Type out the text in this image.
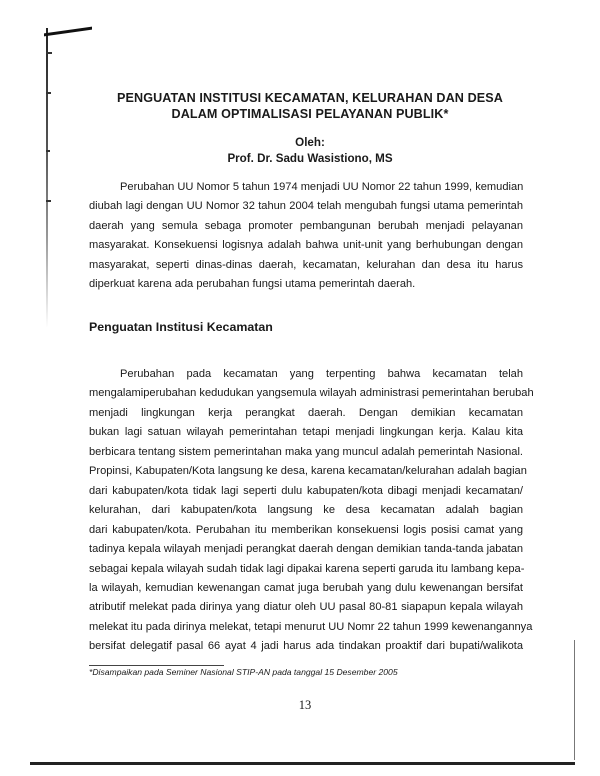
PENGUATAN INSTITUSI KECAMATAN, KELURAHAN DAN DESA
DALAM OPTIMALISASI PELAYANAN PUBLIK*
Oleh:
Prof. Dr. Sadu Wasistiono, MS

Perubahan UU Nomor 5 tahun 1974 menjadi UU Nomor 22 tahun 1999, kemudian
diubah lagi dengan UU Nomor 32 tahun 2004 telah mengubah fungsi utama pemerintah
daerah yang semula sebaga promoter pembangunan berubah menjadi pelayanan
masyarakat. Konsekuensi logisnya adalah bahwa unit-unit yang berhubungan dengan
masyarakat, seperti dinas-dinas daerah, kecamatan, kelurahan dan desa itu harus
diperkuat karena ada perubahan fungsi utama pemerintah daerah.

Penguatan Institusi Kecamatan

Perubahan pada kecamatan yang terpenting bahwa kecamatan telah
mengalamiperubahan kedudukan yangsemula wilayah administrasi pemerintahan berubah
menjadi lingkungan kerja perangkat daerah. Dengan demikian kecamatan
bukan lagi satuan wilayah pemerintahan tetapi menjadi lingkungan kerja. Kalau kita
berbicara tentang sistem pemerintahan maka yang muncul adalah pemerintah Nasional.
Propinsi, Kabupaten/Kota langsung ke desa, karena kecamatan/kelurahan adalah bagian
dari kabupaten/kota tidak lagi seperti dulu kabupaten/kota dibagi menjadi kecamatan/
kelurahan, dari kabupaten/kota langsung ke desa kecamatan adalah bagian
dari kabupaten/kota. Perubahan itu memberikan konsekuensi logis posisi camat yang
tadinya kepala wilayah menjadi perangkat daerah dengan demikian tanda-tanda jabatan
sebagai kepala wilayah sudah tidak lagi dipakai karena seperti garuda itu lambang kepa-
la wilayah, kemudian kewenangan camat juga berubah yang dulu kewenangan bersifat
atributif melekat pada dirinya yang diatur oleh UU pasal 80-81 siapapun kepala wilayah
melekat itu pada dirinya melekat, tetapi menurut UU Nomr 22 tahun 1999 kewenangannya
bersifat delegatif pasal 66 ayat 4 jadi harus ada tindakan proaktif dari bupati/walikota

*Disampaikan pada Seminer Nasional STIP-AN pada tanggal 15 Desember 2005
13
